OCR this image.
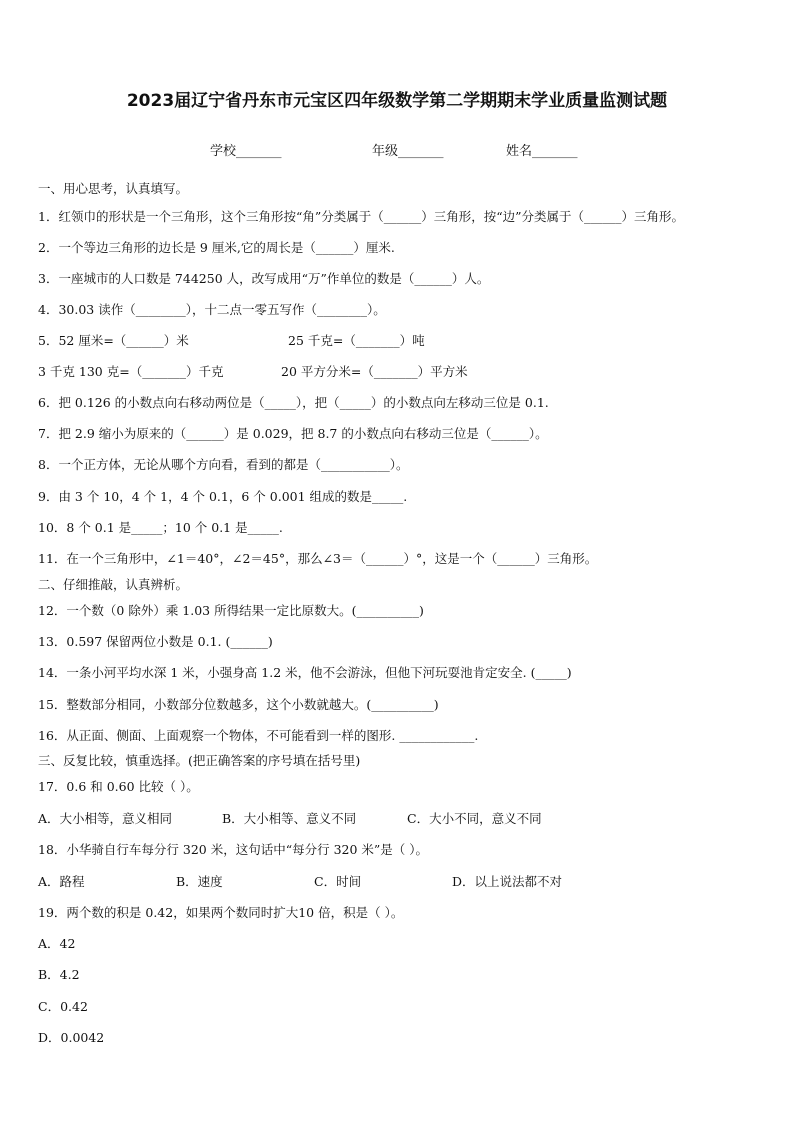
2023届辽宁省丹东市元宝区四年级数学第二学期期末学业质量监测试题
学校_______	年级_______	姓名_______
一、用心思考，认真填写。
1．红领巾的形状是一个三角形，这个三角形按“角”分类属于（______）三角形，按“边”分类属于（______）三角形。
2．一个等边三角形的边长是 9 厘米,它的周长是（______）厘米.
3．一座城市的人口数是 744250 人，改写成用“万”作单位的数是（______）人。
4．30.03 读作（________），十二点一零五写作（________）。
5．52 厘米=（______）米	25 千克=（_______）吨
3 千克 130 克=（_______）千克	20 平方分米=（_______）平方米
6．把 0.126 的小数点向右移动两位是（_____），把（_____）的小数点向左移动三位是 0.1.
7．把 2.9 缩小为原来的（______）是 0.029，把 8.7 的小数点向右移动三位是（______）。
8．一个正方体，无论从哪个方向看，看到的都是（___________）。
9．由 3 个 10，4 个 1，4 个 0.1，6 个 0.001 组成的数是_____.
10．8 个 0.1 是_____；10 个 0.1 是_____.
11．在一个三角形中，∠1＝40°，∠2＝45°，那么∠3＝（______）°，这是一个（______）三角形。
二、仔细推敲，认真辨析。
12．一个数（0 除外）乘 1.03 所得结果一定比原数大。(__________)
13．0.597 保留两位小数是 0.1. (______)
14．一条小河平均水深 1 米，小强身高 1.2 米，他不会游泳，但他下河玩耍池肯定安全. (_____)
15．整数部分相同，小数部分位数越多，这个小数就越大。(__________)
16．从正面、侧面、上面观察一个物体，不可能看到一样的图形. ____________.
三、反复比较，慎重选择。(把正确答案的序号填在括号里)
17．0.6 和 0.60 比较（ ）。
A．大小相等，意义相同	B．大小相等、意义不同	C．大小不同，意义不同
18．小华骑自行车每分行 320 米，这句话中“每分行 320 米”是（ ）。
A．路程	B．速度	C．时间	D．以上说法都不对
19．两个数的积是 0.42，如果两个数同时扩大10 倍，积是（ ）。
A．42
B．4.2
C．0.42
D．0.0042
